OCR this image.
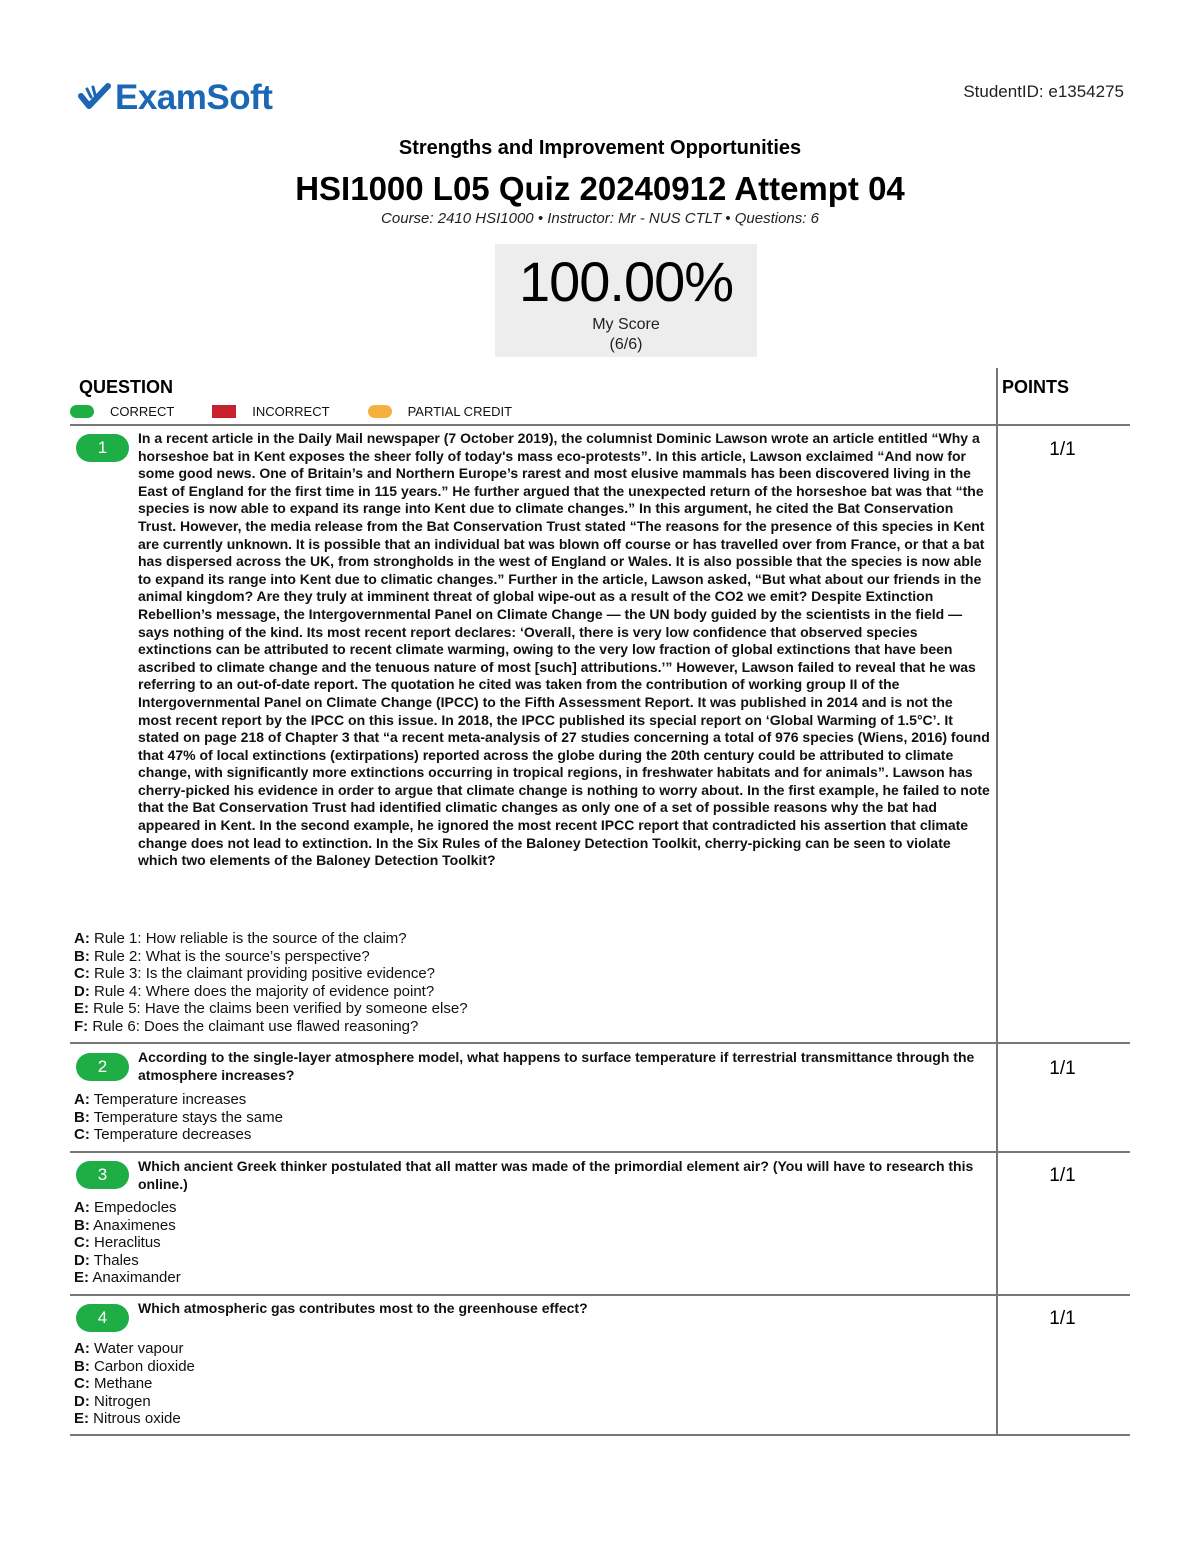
ExamSoft	StudentID: e1354275
Strengths and Improvement Opportunities
HSI1000 L05 Quiz 20240912 Attempt 04
Course: 2410 HSI1000 • Instructor: Mr - NUS CTLT • Questions: 6
100.00%
My Score
(6/6)
QUESTION	POINTS
CORRECT	INCORRECT	PARTIAL CREDIT
1	In a recent article in the Daily Mail newspaper (7 October 2019), the columnist Dominic Lawson wrote an article entitled “Why a horseshoe bat in Kent exposes the sheer folly of today's mass eco-protests”. In this article, Lawson exclaimed “And now for some good news. One of Britain’s and Northern Europe’s rarest and most elusive mammals has been discovered living in the East of England for the first time in 115 years.” He further argued that the unexpected return of the horseshoe bat was that “the species is now able to expand its range into Kent due to climate changes.” In this argument, he cited the Bat Conservation Trust. However, the media release from the Bat Conservation Trust stated “The reasons for the presence of this species in Kent are currently unknown. It is possible that an individual bat was blown off course or has travelled over from France, or that a bat has dispersed across the UK, from strongholds in the west of England or Wales. It is also possible that the species is now able to expand its range into Kent due to climatic changes.” Further in the article, Lawson asked, “But what about our friends in the animal kingdom? Are they truly at imminent threat of global wipe-out as a result of the CO2 we emit? Despite Extinction Rebellion’s message, the Intergovernmental Panel on Climate Change — the UN body guided by the scientists in the field — says nothing of the kind. Its most recent report declares: ‘Overall, there is very low confidence that observed species extinctions can be attributed to recent climate warming, owing to the very low fraction of global extinctions that have been ascribed to climate change and the tenuous nature of most [such] attributions.’” However, Lawson failed to reveal that he was referring to an out-of-date report. The quotation he cited was taken from the contribution of working group II of the Intergovernmental Panel on Climate Change (IPCC) to the Fifth Assessment Report. It was published in 2014 and is not the most recent report by the IPCC on this issue. In 2018, the IPCC published its special report on ‘Global Warming of 1.5°C’. It stated on page 218 of Chapter 3 that “a recent meta-analysis of 27 studies concerning a total of 976 species (Wiens, 2016) found that 47% of local extinctions (extirpations) reported across the globe during the 20th century could be attributed to climate change, with significantly more extinctions occurring in tropical regions, in freshwater habitats and for animals”. Lawson has cherry-picked his evidence in order to argue that climate change is nothing to worry about. In the first example, he failed to note that the Bat Conservation Trust had identified climatic changes as only one of a set of possible reasons why the bat had appeared in Kent. In the second example, he ignored the most recent IPCC report that contradicted his assertion that climate change does not lead to extinction. In the Six Rules of the Baloney Detection Toolkit, cherry-picking can be seen to violate which two elements of the Baloney Detection Toolkit?
A: Rule 1: How reliable is the source of the claim?
B: Rule 2: What is the source’s perspective?
C: Rule 3: Is the claimant providing positive evidence?
D: Rule 4: Where does the majority of evidence point?
E: Rule 5: Have the claims been verified by someone else?
F: Rule 6: Does the claimant use flawed reasoning?
1/1
2	According to the single-layer atmosphere model, what happens to surface temperature if terrestrial transmittance through the atmosphere increases?
A: Temperature increases
B: Temperature stays the same
C: Temperature decreases
1/1
3	Which ancient Greek thinker postulated that all matter was made of the primordial element air? (You will have to research this online.)
A: Empedocles
B: Anaximenes
C: Heraclitus
D: Thales
E: Anaximander
1/1
4	Which atmospheric gas contributes most to the greenhouse effect?
A: Water vapour
B: Carbon dioxide
C: Methane
D: Nitrogen
E: Nitrous oxide
1/1
